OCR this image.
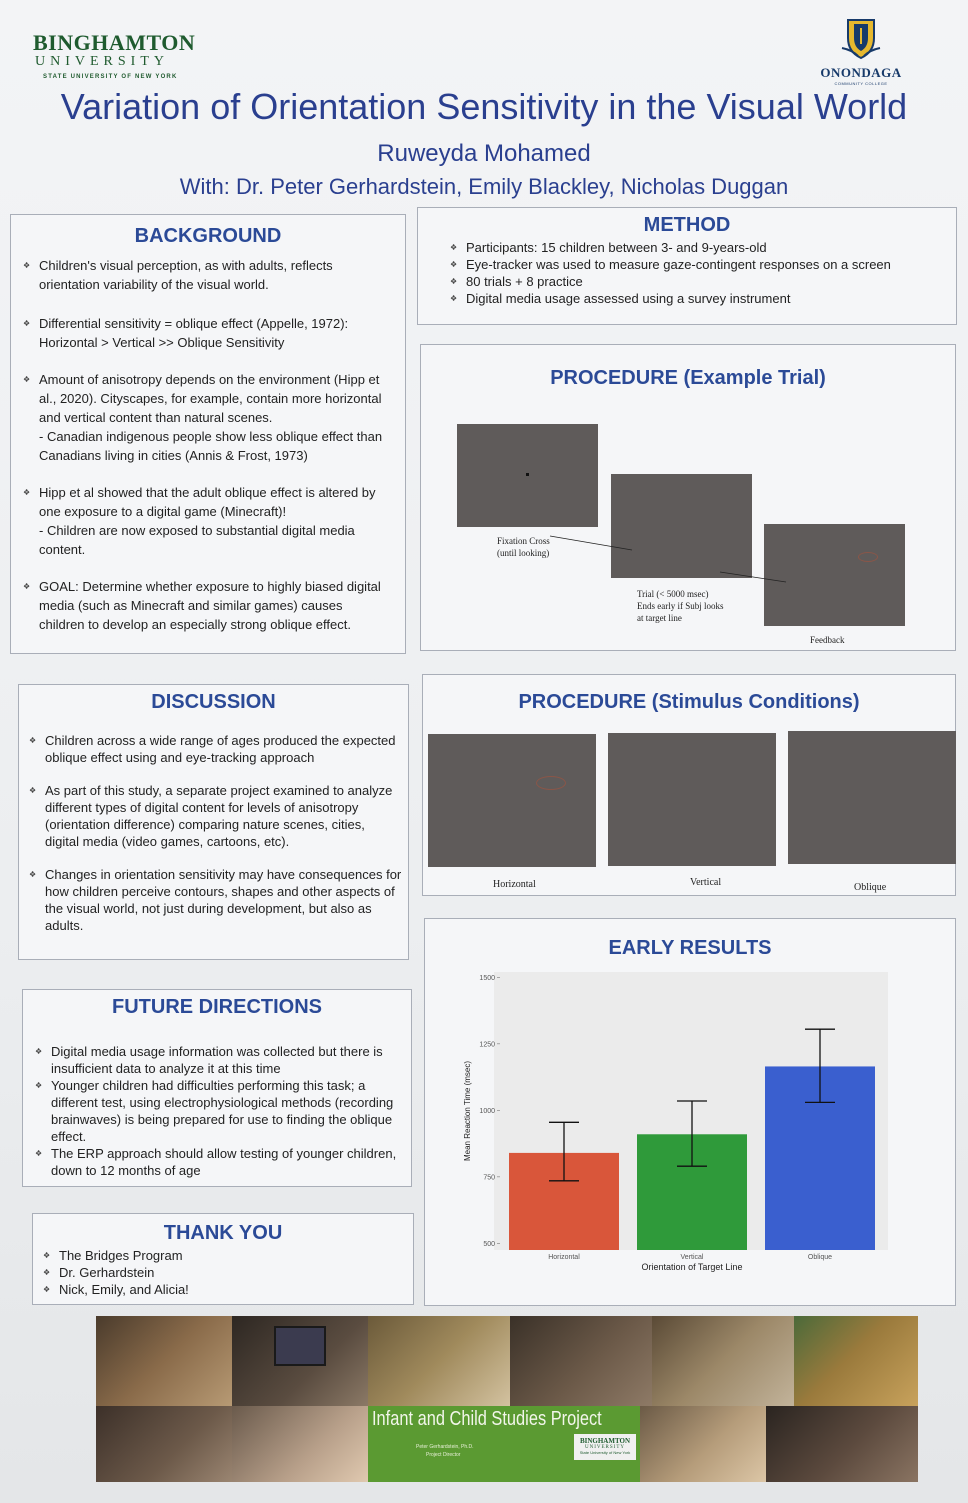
BINGHAMTON
UNIVERSITY
STATE UNIVERSITY OF NEW YORK	ONONDAGA
COMMUNITY COLLEGE
Variation of Orientation Sensitivity in the Visual World
Ruweyda Mohamed
With: Dr. Peter Gerhardstein, Emily Blackley, Nicholas Duggan
BACKGROUND
❖ Children's visual perception, as with adults, reflects orientation variability of the visual world.
❖ Differential sensitivity = oblique effect (Appelle, 1972): Horizontal > Vertical >> Oblique Sensitivity
❖ Amount of anisotropy depends on the environment (Hipp et al., 2020). Cityscapes, for example, contain more horizontal and vertical content than natural scenes.
- Canadian indigenous people show less oblique effect than Canadians living in cities (Annis & Frost, 1973)
❖ Hipp et al showed that the adult oblique effect is altered by one exposure to a digital game (Minecraft)!
- Children are now exposed to substantial digital media content.
❖ GOAL: Determine whether exposure to highly biased digital media (such as Minecraft and similar games) causes children to develop an especially strong oblique effect.
METHOD
❖ Participants: 15 children between 3- and 9-years-old
❖ Eye-tracker was used to measure gaze-contingent responses on a screen
❖ 80 trials + 8 practice
❖ Digital media usage assessed using a survey instrument
PROCEDURE (Example Trial)
Fixation Cross
(until looking)
Trial (< 5000 msec)
Ends early if Subj looks
at target line
Feedback
PROCEDURE (Stimulus Conditions)
Horizontal	Vertical	Oblique
DISCUSSION
❖ Children across a wide range of ages produced the expected oblique effect using and eye-tracking approach
❖ As part of this study, a separate project examined to analyze different types of digital content for levels of anisotropy (orientation difference) comparing nature scenes, cities, digital media (video games, cartoons, etc).
❖ Changes in orientation sensitivity may have consequences for how children perceive contours, shapes and other aspects of the visual world, not just during development, but also as adults.
FUTURE DIRECTIONS
❖ Digital media usage information was collected but there is insufficient data to analyze it at this time
❖ Younger children had difficulties performing this task; a different test, using electrophysiological methods (recording brainwaves) is being prepared for use to finding the oblique effect.
❖ The ERP approach should allow testing of younger children, down to 12 months of age
THANK YOU
❖ The Bridges Program
❖ Dr. Gerhardstein
❖ Nick, Emily, and Alicia!
EARLY RESULTS
500
750
1000
1250
1500
Horizontal	Vertical	Oblique
Orientation of Target Line
Mean Reaction Time (msec)
Infant and Child Studies Project
Peter Gerhardstein, Ph.D.
Project Director
BINGHAMTON
UNIVERSITY
State University of New York
